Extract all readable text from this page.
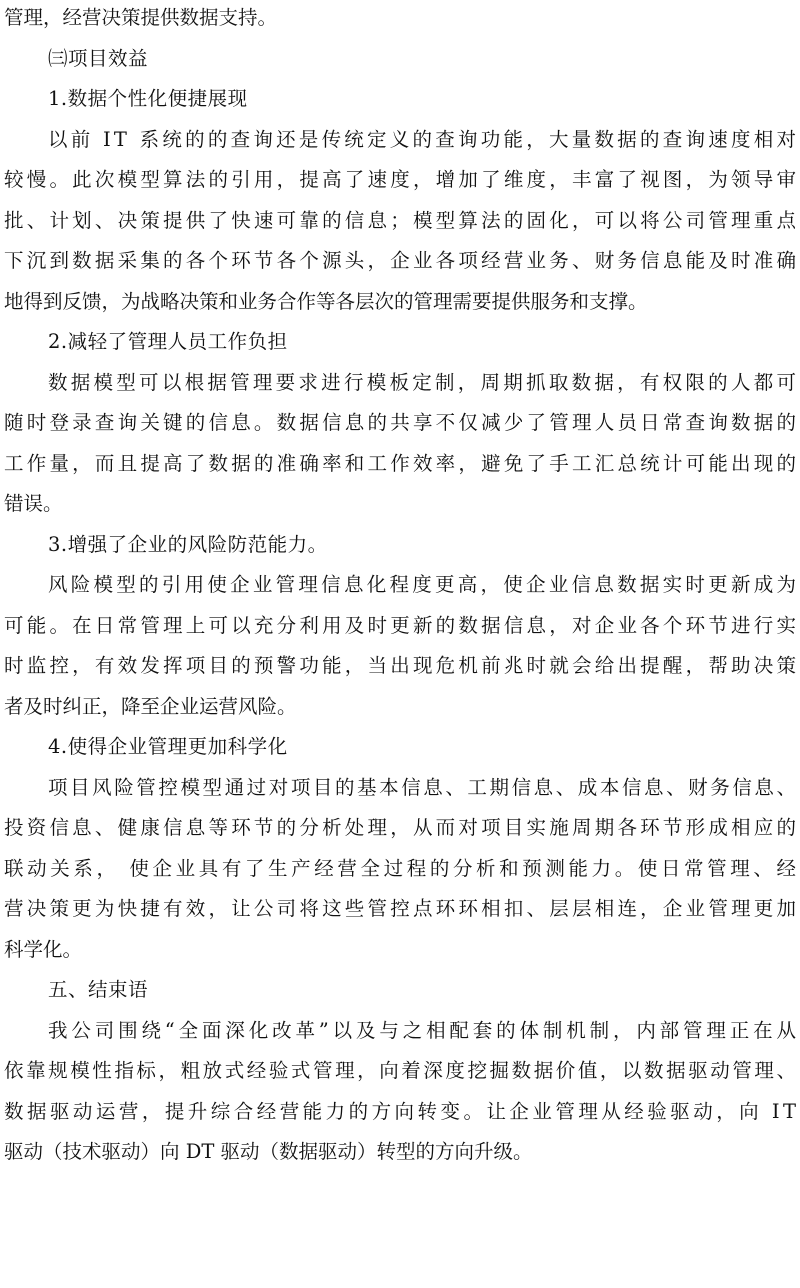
管理，经营决策提供数据支持。
㈢项目效益
1.数据个性化便捷展现
以前 IT 系统的的查询还是传统定义的查询功能，大量数据的查询速度相对
较慢。此次模型算法的引用，提高了速度，增加了维度，丰富了视图，为领导审
批、计划、决策提供了快速可靠的信息；模型算法的固化，可以将公司管理重点
下沉到数据采集的各个环节各个源头，企业各项经营业务、财务信息能及时准确
地得到反馈，为战略决策和业务合作等各层次的管理需要提供服务和支撑。
2.减轻了管理人员工作负担
数据模型可以根据管理要求进行模板定制，周期抓取数据，有权限的人都可
随时登录查询关键的信息。数据信息的共享不仅减少了管理人员日常查询数据的
工作量，而且提高了数据的准确率和工作效率，避免了手工汇总统计可能出现的
错误。
3.增强了企业的风险防范能力。
风险模型的引用使企业管理信息化程度更高，使企业信息数据实时更新成为
可能。在日常管理上可以充分利用及时更新的数据信息，对企业各个环节进行实
时监控，有效发挥项目的预警功能，当出现危机前兆时就会给出提醒，帮助决策
者及时纠正，降至企业运营风险。
4.使得企业管理更加科学化
项目风险管控模型通过对项目的基本信息、工期信息、成本信息、财务信息、
投资信息、健康信息等环节的分析处理，从而对项目实施周期各环节形成相应的
联动关系， 使企业具有了生产经营全过程的分析和预测能力。使日常管理、经
营决策更为快捷有效，让公司将这些管控点环环相扣、层层相连，企业管理更加
科学化。
五、结束语
我公司围绕“全面深化改革”以及与之相配套的体制机制，内部管理正在从
依靠规模性指标，粗放式经验式管理，向着深度挖掘数据价值，以数据驱动管理、
数据驱动运营，提升综合经营能力的方向转变。让企业管理从经验驱动，向 IT
驱动（技术驱动）向 DT 驱动（数据驱动）转型的方向升级。
